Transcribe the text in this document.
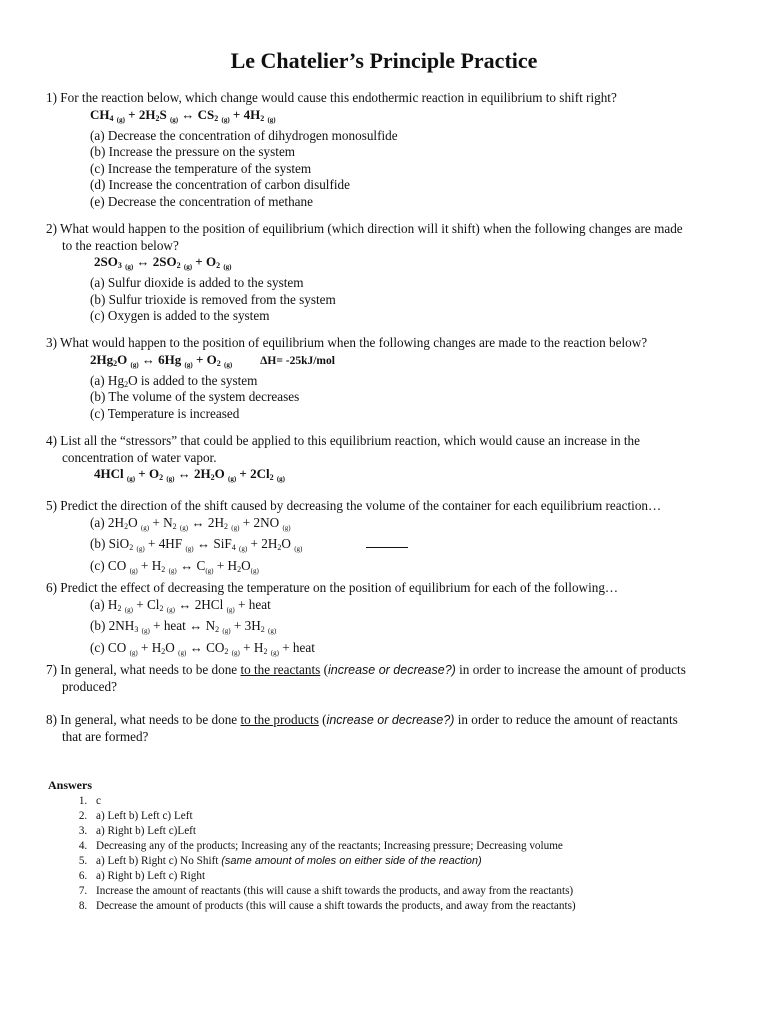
Le Chatelier’s Principle Practice

1) For the reaction below, which change would cause this endothermic reaction in equilibrium to shift right?

$CH_4$ $_{(g)} + 2H_2S$ $_{(g)}$ ↔ $CS_2$ $_{(g)} + 4H_2$ $_{(g)}$
(a) Decrease the concentration of dihydrogen monosulfide
(b) Increase the pressure on the system
(c) Increase the temperature of the system
(d) Increase the concentration of carbon disulfide
(e) Decrease the concentration of methane

2) What would happen to the position of equilibrium (which direction will it shift) when the following changes are made

to the reaction below?

$2SO_3$ $_{(g)}$ ↔ $2SO_2$ $_{(g)} + O_2$ $_{(g)}$
(a) Sulfur dioxide is added to the system
(b) Sulfur trioxide is removed from the system
(c) Oxygen is added to the system

3) What would happen to the position of equilibrium when the following changes are made to the reaction below?

$2Hg_2O$ $_{(g)}$ ↔ 6Hg $_{(g)} + O_2$ $_{(g)}$ ΔH= -25kJ/mol
(a) $Hg_2O$ is added to the system
(b) The volume of the system decreases
(c) Temperature is increased

4) List all the “stressors” that could be applied to this equilibrium reaction, which would cause an increase in the

concentration of water vapor.

4HCl $_{(g)} + O_2$ $_{(g)}$ ↔ $2H_2O$ $_{(g)} + 2Cl_2$ $_{(g)}$

5) Predict the direction of the shift caused by decreasing the volume of the container for each equilibrium reaction…

(a) $2H_2O$ $_{(g)} + N_2$ $_{(g)}$ ↔ $2H_2$ $_{(g)}$ + 2NO $_{(g)}$
(b) SiO$_2$ $_{(g)}$ + 4HF $_{(g)}$ ↔ SiF$_4$ $_{(g)} + 2H_2O$ $_{(g)}$
(c) CO $_{(g)} + H_2$ $_{(g)}$ ↔ $C_{(g)} + H_2O_{(g)}$

6) Predict the effect of decreasing the temperature on the position of equilibrium for each of the following…

(a) $H_2$ $_{(g)} + Cl_2$ $_{(g)}$ ↔ 2HCl $_{(g)}$ + heat
(b) $2NH_3$ $_{(g)}$ + heat ↔ $N_2$ $_{(g)} + 3H_2$ $_{(g)}$
(c) CO $_{(g)} + H_2O$ $_{(g)}$ ↔ $CO_2$ $_{(g)} + H_2$ $_{(g)}$ + heat

7) In general, what needs to be done to the reactants (increase or decrease?) in order to increase the amount of products

produced?

8) In general, what needs to be done to the products (increase or decrease?) in order to reduce the amount of reactants

that are formed?

Answers
1. c
2. a) Left b) Left c) Left
3. a) Right b) Left c)Left
4. Decreasing any of the products; Increasing any of the reactants; Increasing pressure; Decreasing volume
5. a) Left b) Right c) No Shift (same amount of moles on either side of the reaction)
6. a) Right b) Left c) Right
7. Increase the amount of reactants (this will cause a shift towards the products, and away from the reactants)
8. Decrease the amount of products (this will cause a shift towards the products, and away from the reactants)
